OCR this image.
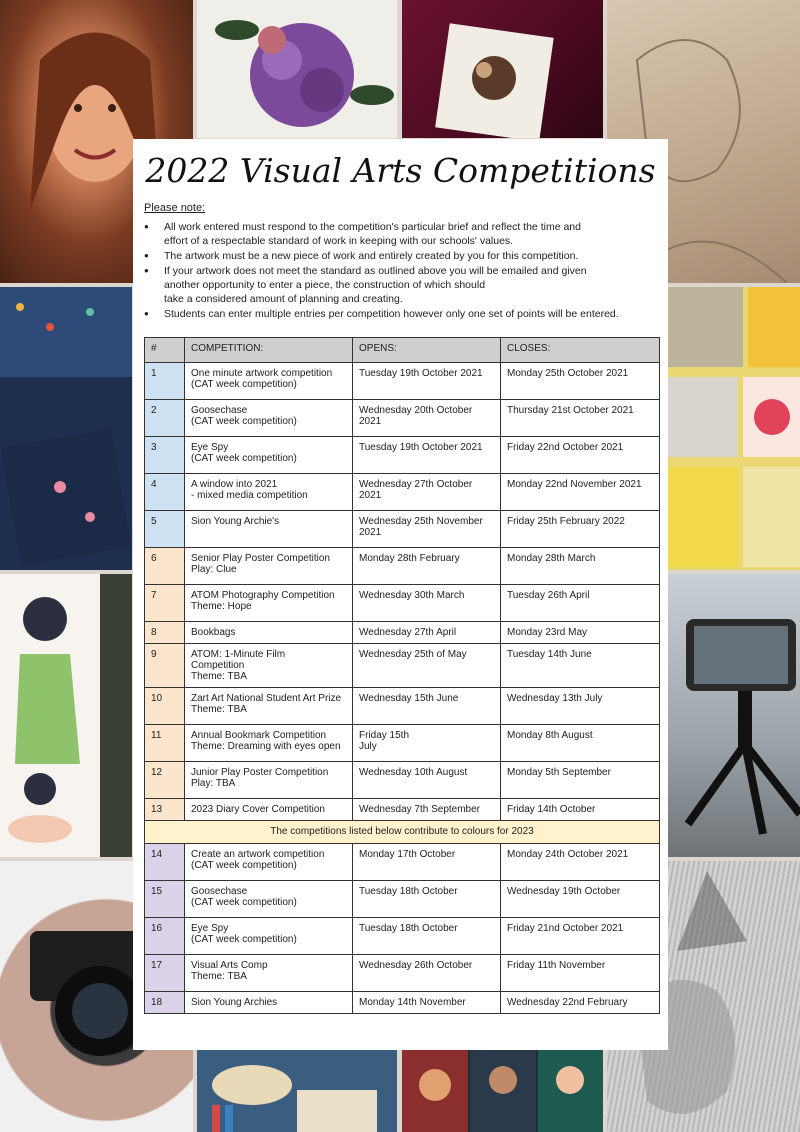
2022 Visual Arts Competitions
Please note:
● All work entered must respond to the competition's particular brief and reflect the time and
effort of a respectable standard of work in keeping with our schools' values.
● The artwork must be a new piece of work and entirely created by you for this competition.
● If your artwork does not meet the standard as outlined above you will be emailed and given
another opportunity to enter a piece, the construction of which should
take a considered amount of planning and creating.
● Students can enter multiple entries per competition however only one set of points will be entered.
#	COMPETITION:	OPENS:	CLOSES:
1	One minute artwork competition
(CAT week competition)	Tuesday 19th October 2021	Monday 25th October 2021
2	Goosechase
(CAT week competition)	Wednesday 20th October
2021	Thursday 21st October 2021
3	Eye Spy
(CAT week competition)	Tuesday 19th October 2021	Friday 22nd October 2021
4	A window into 2021
- mixed media competition	Wednesday 27th October
2021	Monday 22nd November 2021
5	Sion Young Archie's	Wednesday 25th November
2021	Friday 25th February 2022
6	Senior Play Poster Competition
Play: Clue	Monday 28th February	Monday 28th March
7	ATOM Photography Competition
Theme: Hope	Wednesday 30th March	Tuesday 26th April
8	Bookbags	Wednesday 27th April	Monday 23rd May
9	ATOM: 1-Minute Film
Competition
Theme: TBA	Wednesday 25th of May	Tuesday 14th June
10	Zart Art National Student Art Prize
Theme: TBA	Wednesday 15th June	Wednesday 13th July
11	Annual Bookmark Competition
Theme: Dreaming with eyes open	Friday 15th
July	Monday 8th August
12	Junior Play Poster Competition
Play: TBA	Wednesday 10th August	Monday 5th September
13	2023 Diary Cover Competition	Wednesday 7th September	Friday 14th October
The competitions listed below contribute to colours for 2023			
14	Create an artwork competition
(CAT week competition)	Monday 17th October	Monday 24th October 2021
15	Goosechase
(CAT week competition)	Tuesday 18th October	Wednesday 19th October
16	Eye Spy
(CAT week competition)	Tuesday 18th October	Friday 21nd October 2021
17	Visual Arts Comp
Theme: TBA	Wednesday 26th October	Friday 11th November
18	Sion Young Archies	Monday 14th November	Wednesday 22nd February
